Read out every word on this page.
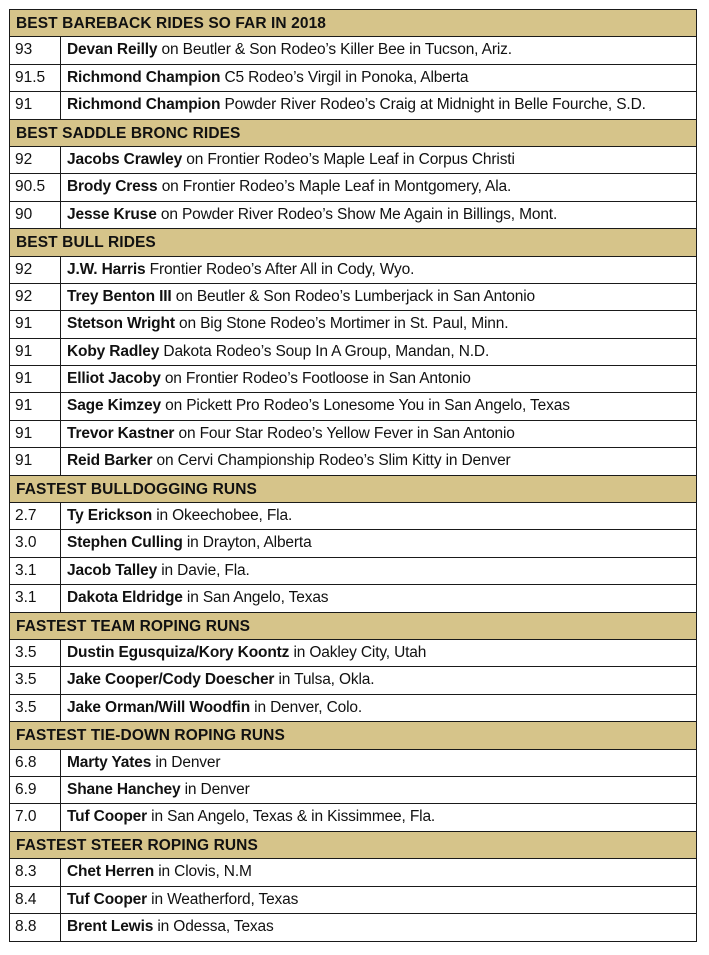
BEST BAREBACK RIDES SO FAR IN 2018
93	Devan Reilly on Beutler & Son Rodeo’s Killer Bee in Tucson, Ariz.
91.5	Richmond Champion C5 Rodeo’s Virgil in Ponoka, Alberta
91	Richmond Champion Powder River Rodeo’s Craig at Midnight in Belle Fourche, S.D.
BEST SADDLE BRONC RIDES
92	Jacobs Crawley on Frontier Rodeo’s Maple Leaf in Corpus Christi
90.5	Brody Cress on Frontier Rodeo’s Maple Leaf in Montgomery, Ala.
90	Jesse Kruse on Powder River Rodeo’s Show Me Again in Billings, Mont.
BEST BULL RIDES
92	J.W. Harris Frontier Rodeo’s After All in Cody, Wyo.
92	Trey Benton III on Beutler & Son Rodeo’s Lumberjack in San Antonio
91	Stetson Wright on Big Stone Rodeo’s Mortimer in St. Paul, Minn.
91	Koby Radley Dakota Rodeo’s Soup In A Group, Mandan, N.D.
91	Elliot Jacoby on Frontier Rodeo’s Footloose in San Antonio
91	Sage Kimzey on Pickett Pro Rodeo’s Lonesome You in San Angelo, Texas
91	Trevor Kastner on Four Star Rodeo’s Yellow Fever in San Antonio
91	Reid Barker on Cervi Championship Rodeo’s Slim Kitty in Denver
FASTEST BULLDOGGING RUNS
2.7	Ty Erickson in Okeechobee, Fla.
3.0	Stephen Culling in Drayton, Alberta
3.1	Jacob Talley in Davie, Fla.
3.1	Dakota Eldridge in San Angelo, Texas
FASTEST TEAM ROPING RUNS
3.5	Dustin Egusquiza/Kory Koontz in Oakley City, Utah
3.5	Jake Cooper/Cody Doescher in Tulsa, Okla.
3.5	Jake Orman/Will Woodfin in Denver, Colo.
FASTEST TIE-DOWN ROPING RUNS
6.8	Marty Yates in Denver
6.9	Shane Hanchey in Denver
7.0	Tuf Cooper in San Angelo, Texas & in Kissimmee, Fla.
FASTEST STEER ROPING RUNS
8.3	Chet Herren in Clovis, N.M
8.4	Tuf Cooper in Weatherford, Texas
8.8	Brent Lewis in Odessa, Texas
